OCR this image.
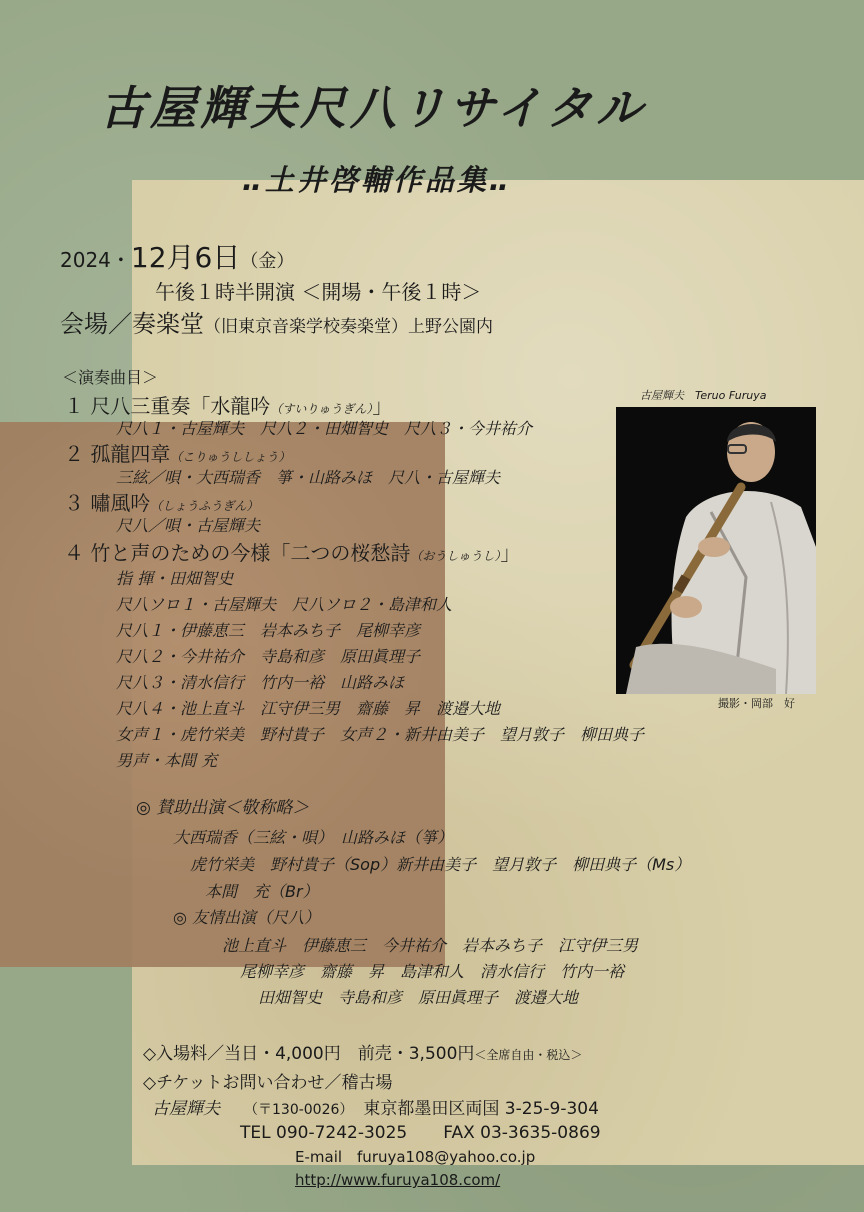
古屋輝夫尺八リサイタル
‥土井啓輔作品集‥
2024・12月6日（金）
午後１時半開演 ＜開場・午後１時＞
会場／奏楽堂（旧東京音楽学校奏楽堂）上野公園内
＜演奏曲目＞
１ 尺八三重奏「水龍吟（すいりゅうぎん）」
尺八１・古屋輝夫　尺八２・田畑智史　尺八３・今井祐介
２ 孤龍四章（こりゅうししょう）
三絃／唄・大西瑞香　箏・山路みほ　尺八・古屋輝夫
３ 嘯風吟（しょうふうぎん）
尺八／唄・古屋輝夫
４ 竹と声のための今様「二つの桜愁詩（おうしゅうし）」
指 揮・田畑智史
尺八ソロ１・古屋輝夫　尺八ソロ２・島津和人
尺八１・伊藤恵三　岩本みち子　尾柳幸彦
尺八２・今井祐介　寺島和彦　原田眞理子
尺八３・清水信行　竹内一裕　山路みほ
尺八４・池上直斗　江守伊三男　齋藤　昇　渡邉大地
女声１・虎竹栄美　野村貴子　女声２・新井由美子　望月敦子　柳田典子
男声・本間 充
古屋輝夫　Teruo Furuya
撮影・岡部　好
◎ 賛助出演＜敬称略＞
大西瑞香（三絃・唄）　山路みほ（箏）
虎竹栄美　野村貴子（Sop）新井由美子　望月敦子　柳田典子（Ms）
本間　充（Br）
◎ 友情出演（尺八）
池上直斗　伊藤恵三　今井祐介　岩本みち子　江守伊三男
尾柳幸彦　齋藤　昇　島津和人　清水信行　竹内一裕
田畑智史　寺島和彦　原田眞理子　渡邉大地
◇入場料／当日・4,000円　前売・3,500円＜全席自由・税込＞
◇チケットお問い合わせ／稽古場
古屋輝夫 （〒130-0026） 東京都墨田区両国 3-25-9-304
TEL 090-7242-3025 FAX 03-3635-0869
E-mail　furuya108@yahoo.co.jp
http://www.furuya108.com/
